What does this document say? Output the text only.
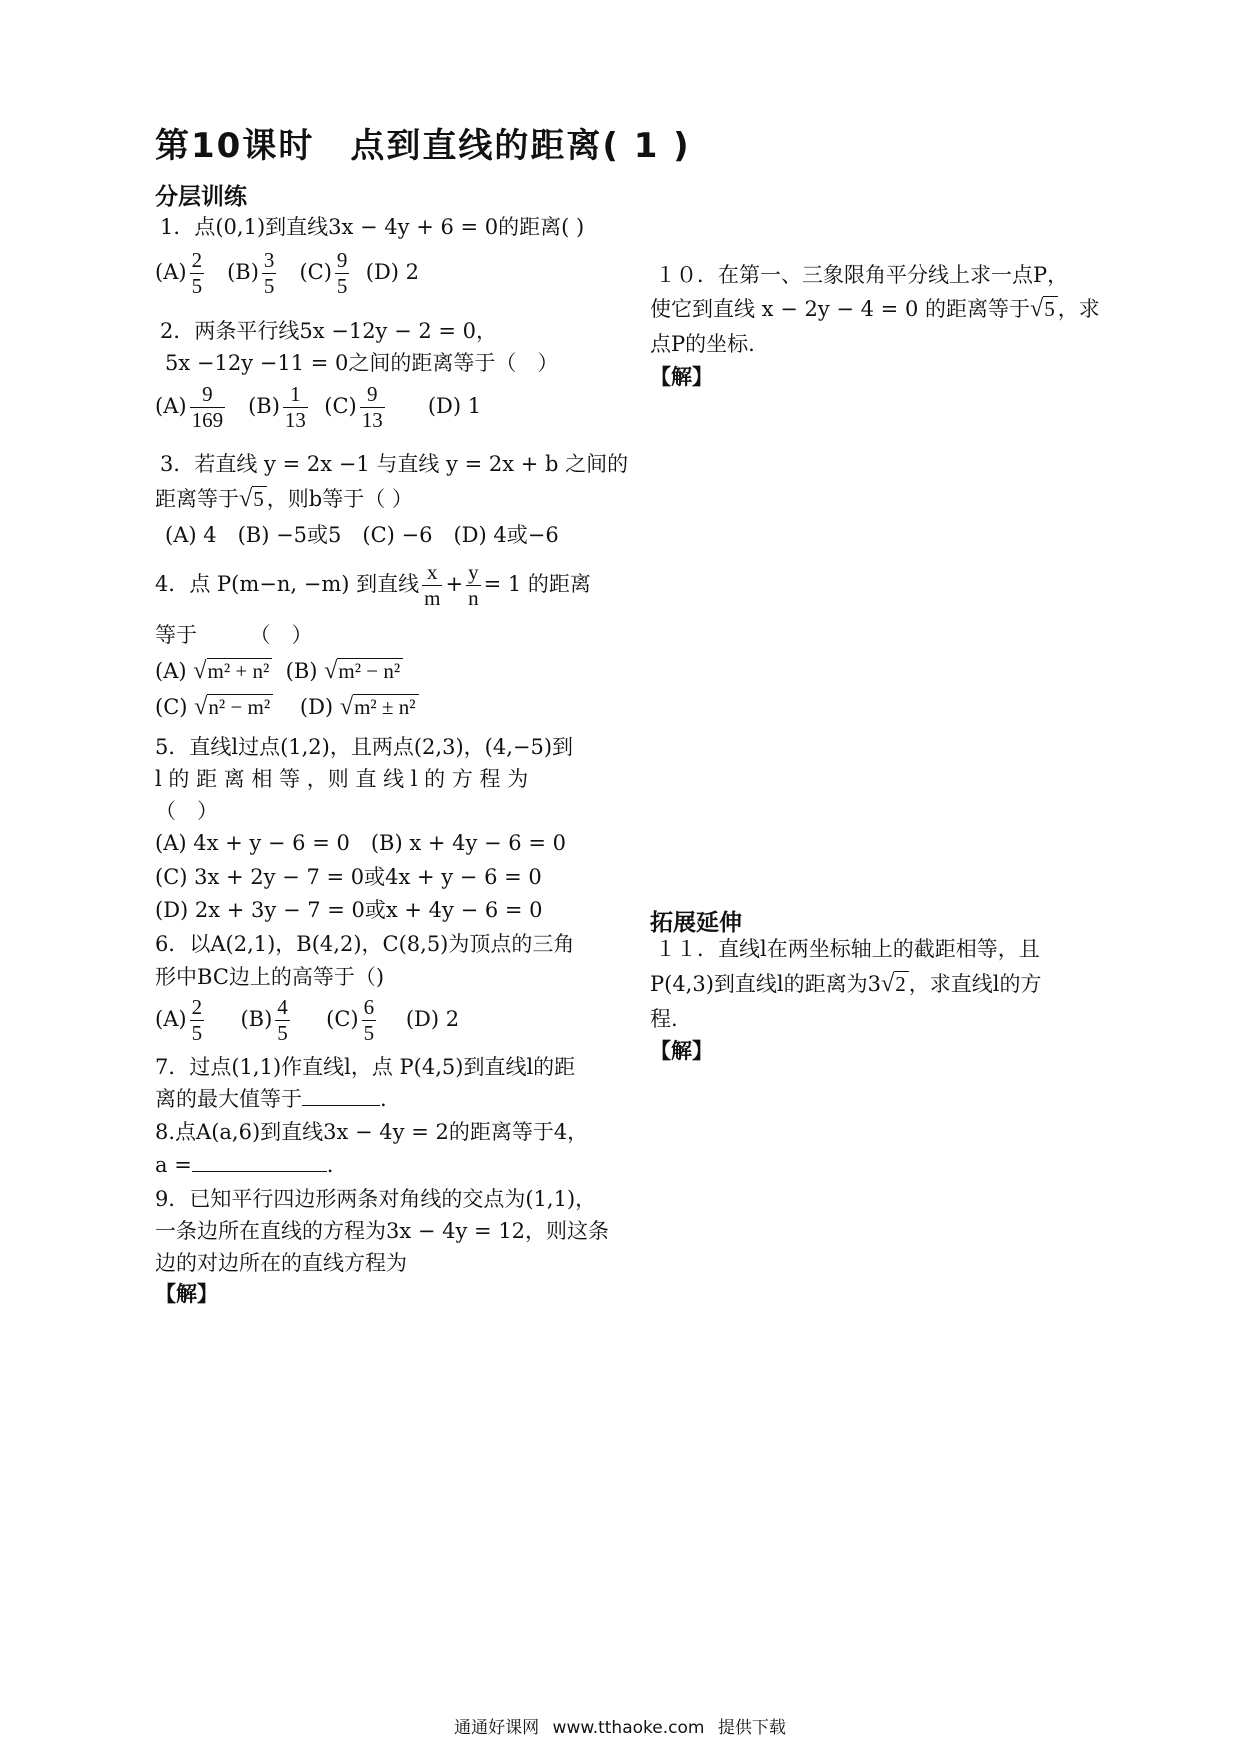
第10课时　点到直线的距离( 1 )
分层训练
1．点(0,1)到直线3x − 4y + 6 = 0的距离( )
$(A) \frac{2}{5} (B) \frac{3}{5} (C) \frac{9}{5} (D)$ 2
2．两条平行线5x −12y − 2 = 0，
5x −12y −11 = 0之间的距离等于（　）
$(A) \frac{9}{169} (B) \frac{1}{13} (C) \frac{9}{13} (D)$ 1
3．若直线 y = 2x −1 与直线 y = 2x + b 之间的
距离等于√5 ，则b等于（ ）
(A) 4　(B) −5或5　(C) −6　(D) 4或−6
4．点 P(m−n, −m) 到直线 $\frac{x}{m} + \frac{y}{n} = 1$ 的距离
等于　　　（　）
(A) √m² + n² (B) √m² − n²
(C) √n² − m² (D) √m² ± n²
5．直线l过点(1,2)，且两点(2,3)，(4,−5)到
l 的 距 离 相 等 ，则 直 线 l 的 方 程 为
（　）
(A) 4x + y − 6 = 0　(B) x + 4y − 6 = 0
(C) 3x + 2y − 7 = 0或4x + y − 6 = 0
(D) 2x + 3y − 7 = 0或x + 4y − 6 = 0
6．以A(2,1)，B(4,2)，C(8,5)为顶点的三角
形中BC边上的高等于（)
$(A) \frac{2}{5} (B) \frac{4}{5} (C) \frac{6}{5} (D)$ 2
7．过点(1,1)作直线l，点 P(4,5)到直线l的距
离的最大值等于	.
8.点A(a,6)到直线3x − 4y = 2的距离等于4，
a =	.
9．已知平行四边形两条对角线的交点为(1,1)，
一条边所在直线的方程为3x − 4y = 12，则这条
边的对边所在的直线方程为
【解】
１０．在第一、三象限角平分线上求一点P，
使它到直线 x − 2y − 4 = 0 的距离等于√5 ，求
点P的坐标.
【解】
拓展延伸
１１．直线l在两坐标轴上的截距相等，且
P(4,3)到直线l的距离为3√2 ，求直线l的方
程.
【解】
通通好课网 www.tthaoke.com 提供下载
